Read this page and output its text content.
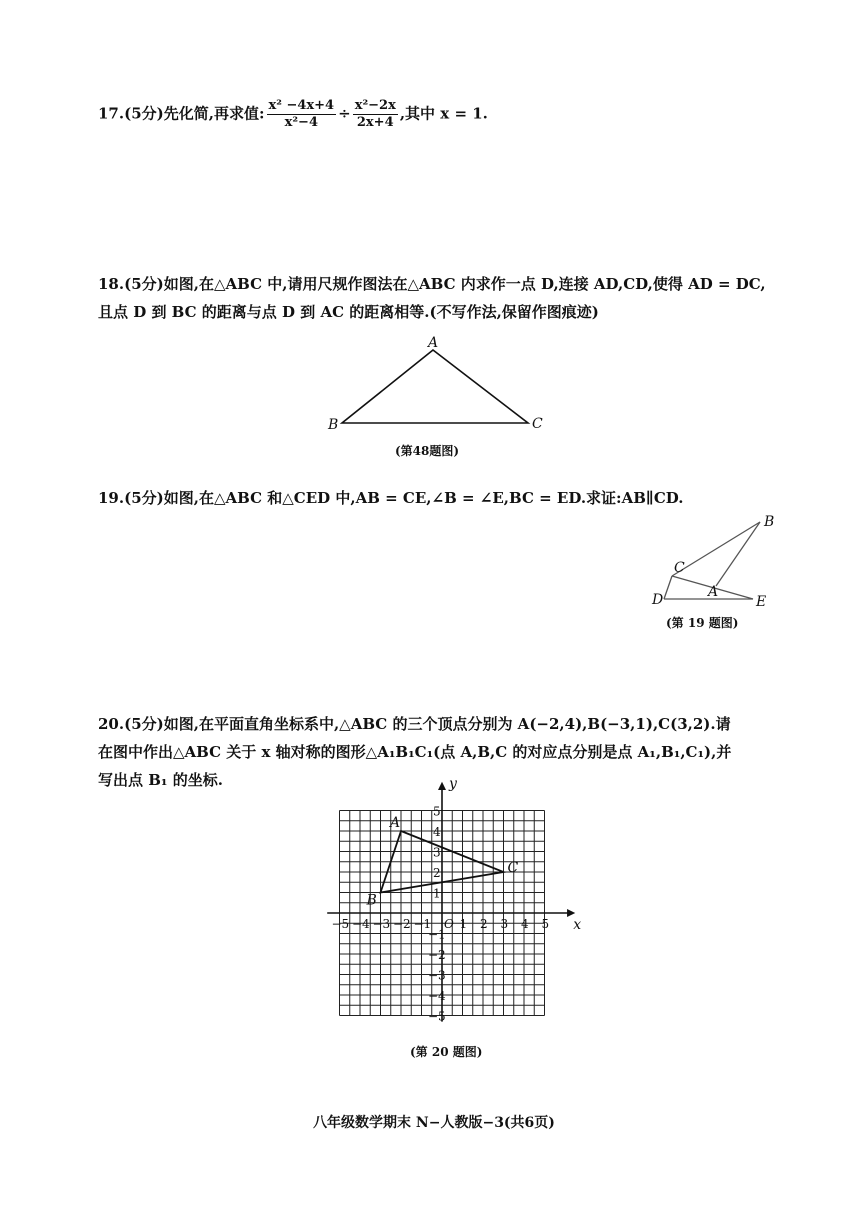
17.(5分)先化简,再求值: $\frac{\text{x² −4x+4}}{\text{x²−4}} \div \frac{\text{x²−2x}}{2x+4}$ ,其中 x = 1.
18.(5分)如图,在△ABC 中,请用尺规作图法在△ABC 内求作一点 D,连接 AD,CD,使得 AD = DC,
且点 D 到 BC 的距离与点 D 到 AC 的距离相等.(不写作法,保留作图痕迹)
A
B	C
(第48题图)
19.(5分)如图,在△ABC 和△CED 中,AB = CE,∠B = ∠E,BC = ED.求证:AB∥CD.
B
C
A
D	E
(第 19 题图)
20.(5分)如图,在平面直角坐标系中,△ABC 的三个顶点分别为 A(−2,4),B(−3,1),C(3,2).请
在图中作出△ABC 关于 x 轴对称的图形△A₁B₁C₁(点 A,B,C 的对应点分别是点 A₁,B₁,C₁),并
写出点 B₁ 的坐标.
−5 −4 −3 −2 −1 1 2 3 4 5
5
4
3
2
1
−1
−2
−3
−4
−5
O	x
y
A
B
C
(第 20 题图)
八年级数学期末 N−人教版−3(共6页)
